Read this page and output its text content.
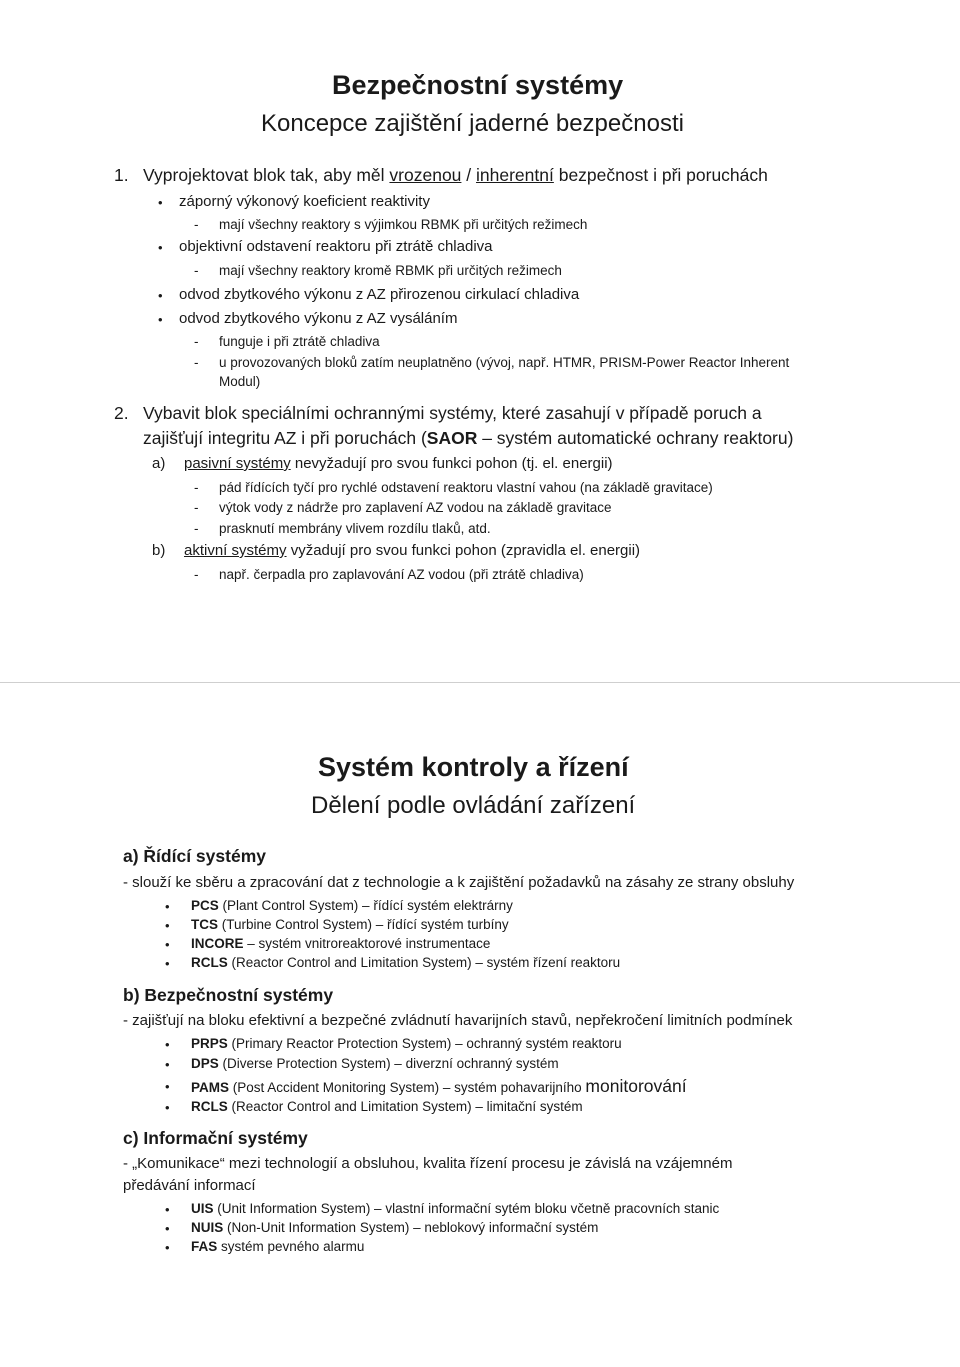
Bezpečnostní systémy
Koncepce zajištění jaderné bezpečnosti
1. Vyprojektovat blok tak, aby měl vrozenou / inherentní bezpečnost i při poruchách
• záporný výkonový koeficient reaktivity
- mají všechny reaktory s výjimkou RBMK při určitých režimech
• objektivní odstavení reaktoru při ztrátě chladiva
- mají všechny reaktory kromě RBMK při určitých režimech
• odvod zbytkového výkonu z AZ přirozenou cirkulací chladiva
• odvod zbytkového výkonu z AZ vysáláním
- funguje i při ztrátě chladiva
- u provozovaných bloků zatím neuplatněno (vývoj, např. HTMR, PRISM-Power Reactor Inherent
Modul)
2. Vybavit blok speciálními ochrannými systémy, které zasahují v případě poruch a
zajišťují integritu AZ i při poruchách (SAOR – systém automatické ochrany reaktoru)
a) pasivní systémy nevyžadují pro svou funkci pohon (tj. el. energii)
- pád řídících tyčí pro rychlé odstavení reaktoru vlastní vahou (na základě gravitace)
- výtok vody z nádrže pro zaplavení AZ vodou na základě gravitace
- prasknutí membrány vlivem rozdílu tlaků, atd.
b) aktivní systémy vyžadují pro svou funkci pohon (zpravidla el. energii)
- např. čerpadla pro zaplavování AZ vodou (při ztrátě chladiva)
Systém kontroly a řízení
Dělení podle ovládání zařízení
a) Řídící systémy
- slouží ke sběru a zpracování dat z technologie a k zajištění požadavků na zásahy ze strany obsluhy
• PCS (Plant Control System) – řídící systém elektrárny
• TCS (Turbine Control System) – řídící systém turbíny
• INCORE – systém vnitroreaktorové instrumentace
• RCLS (Reactor Control and Limitation System) – systém řízení reaktoru
b) Bezpečnostní systémy
- zajišťují na bloku efektivní a bezpečné zvládnutí havarijních stavů, nepřekročení limitních podmínek
• PRPS (Primary Reactor Protection System) – ochranný systém reaktoru
• DPS (Diverse Protection System) – diverzní ochranný systém
• PAMS (Post Accident Monitoring System) – systém pohavarijního monitorování
• RCLS (Reactor Control and Limitation System) – limitační systém
c) Informační systémy
- „Komunikace“ mezi technologií a obsluhou, kvalita řízení procesu je závislá na vzájemném
předávání informací
• UIS (Unit Information System) – vlastní informační sytém bloku včetně pracovních stanic
• NUIS (Non-Unit Information System) – neblokový informační systém
• FAS systém pevného alarmu
